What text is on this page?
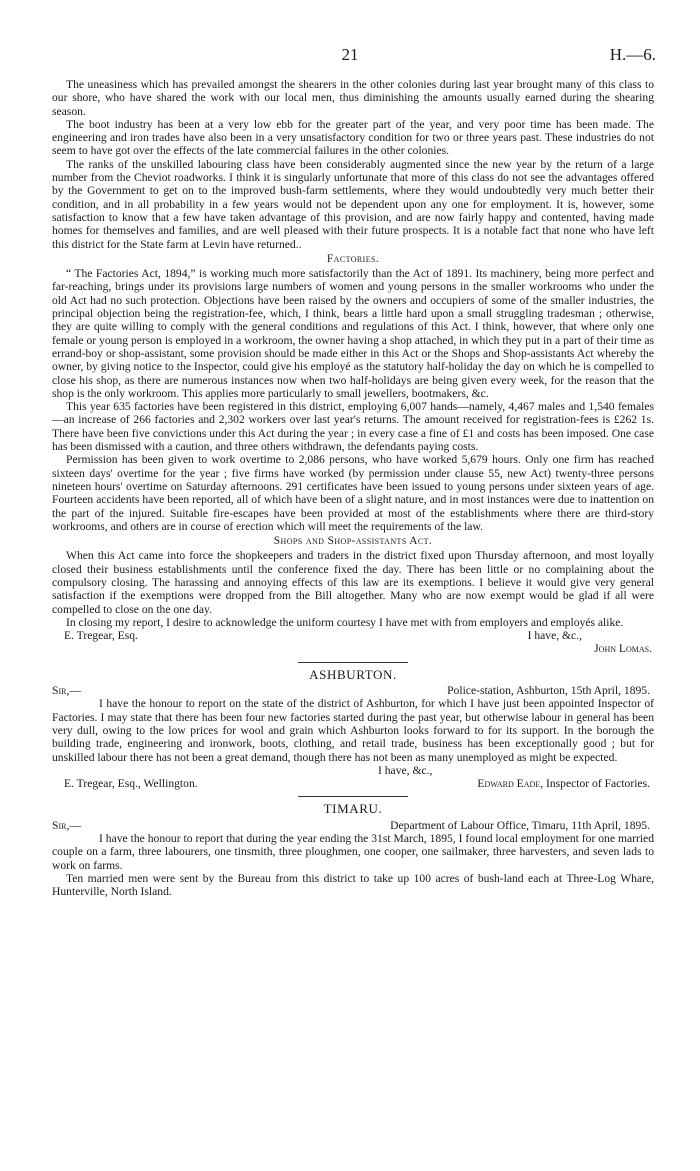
21	H.—6.

The uneasiness which has prevailed amongst the shearers in the other colonies during last year brought many of this class to our shore, who have shared the work with our local men, thus diminishing the amounts usually earned during the shearing season.

The boot industry has been at a very low ebb for the greater part of the year, and very poor time has been made. The engineering and iron trades have also been in a very unsatisfactory condition for two or three years past. These industries do not seem to have got over the effects of the late commercial failures in the other colonies.

The ranks of the unskilled labouring class have been considerably augmented since the new year by the return of a large number from the Cheviot roadworks. I think it is singularly unfortunate that more of this class do not see the advantages offered by the Government to get on to the improved bush-farm settlements, where they would undoubtedly very much better their condition, and in all probability in a few years would not be dependent upon any one for employment. It is, however, some satisfaction to know that a few have taken advantage of this provision, and are now fairly happy and contented, having made homes for themselves and families, and are well pleased with their future prospects. It is a notable fact that none who have left this district for the State farm at Levin have returned..

Factories.

“ The Factories Act, 1894,” is working much more satisfactorily than the Act of 1891. Its machinery, being more perfect and far-reaching, brings under its provisions large numbers of women and young persons in the smaller workrooms who under the old Act had no such protection. Objections have been raised by the owners and occupiers of some of the smaller industries, the principal objection being the registration-fee, which, I think, bears a little hard upon a small struggling tradesman ; otherwise, they are quite willing to comply with the general conditions and regulations of this Act. I think, however, that where only one female or young person is employed in a workroom, the owner having a shop attached, in which they put in a part of their time as errand-boy or shop-assistant, some provision should be made either in this Act or the Shops and Shop-assistants Act whereby the owner, by giving notice to the Inspector, could give his employé as the statutory half-holiday the day on which he is compelled to close his shop, as there are numerous instances now when two half-holidays are being given every week, for the reason that the shop is the only workroom. This applies more particularly to small jewellers, bootmakers, &c.

This year 635 factories have been registered in this district, employing 6,007 hands—namely, 4,467 males and 1,540 females—an increase of 266 factories and 2,302 workers over last year's returns. The amount received for registration-fees is £262 1s. There have been five convictions under this Act during the year ; in every case a fine of £1 and costs has been imposed. One case has been dismissed with a caution, and three others withdrawn, the defendants paying costs.

Permission has been given to work overtime to 2,086 persons, who have worked 5,679 hours. Only one firm has reached sixteen days' overtime for the year ; five firms have worked (by permission under clause 55, new Act) twenty-three persons nineteen hours' overtime on Saturday afternoons. 291 certificates have been issued to young persons under sixteen years of age. Fourteen accidents have been reported, all of which have been of a slight nature, and in most instances were due to inattention on the part of the injured. Suitable fire-escapes have been provided at most of the establishments where there are third-story workrooms, and others are in course of erection which will meet the requirements of the law.

Shops and Shop-assistants Act.

When this Act came into force the shopkeepers and traders in the district fixed upon Thursday afternoon, and most loyally closed their business establishments until the conference fixed the day. There has been little or no complaining about the compulsory closing. The harassing and annoying effects of this law are its exemptions. I believe it would give very general satisfaction if the exemptions were dropped from the Bill altogether. Many who are now exempt would be glad if all were compelled to close on the one day.

In closing my report, I desire to acknowledge the uniform courtesy I have met with from employers and employés alike.

E. Tregear, Esq.	I have, &c.,
John Lomas.
ASHBURTON.
Sir,—	Police-station, Ashburton, 15th April, 1895.

I have the honour to report on the state of the district of Ashburton, for which I have just been appointed Inspector of Factories. I may state that there has been four new factories started during the past year, but otherwise labour in general has been very dull, owing to the low prices for wool and grain which Ashburton looks forward to for its support. In the borough the building trade, engineering and ironwork, boots, clothing, and retail trade, business has been exceptionally good ; but for unskilled labour there has not been a great demand, though there has not been as many unemployed as might be expected.

I have, &c.,
E. Tregear, Esq., Wellington.	Edward Eade, Inspector of Factories.
TIMARU.
Sir,—	Department of Labour Office, Timaru, 11th April, 1895.

I have the honour to report that during the year ending the 31st March, 1895, I found local employment for one married couple on a farm, three labourers, one tinsmith, three ploughmen, one cooper, one sailmaker, three harvesters, and seven lads to work on farms.

Ten married men were sent by the Bureau from this district to take up 100 acres of bush-land each at Three-Log Whare, Hunterville, North Island.
